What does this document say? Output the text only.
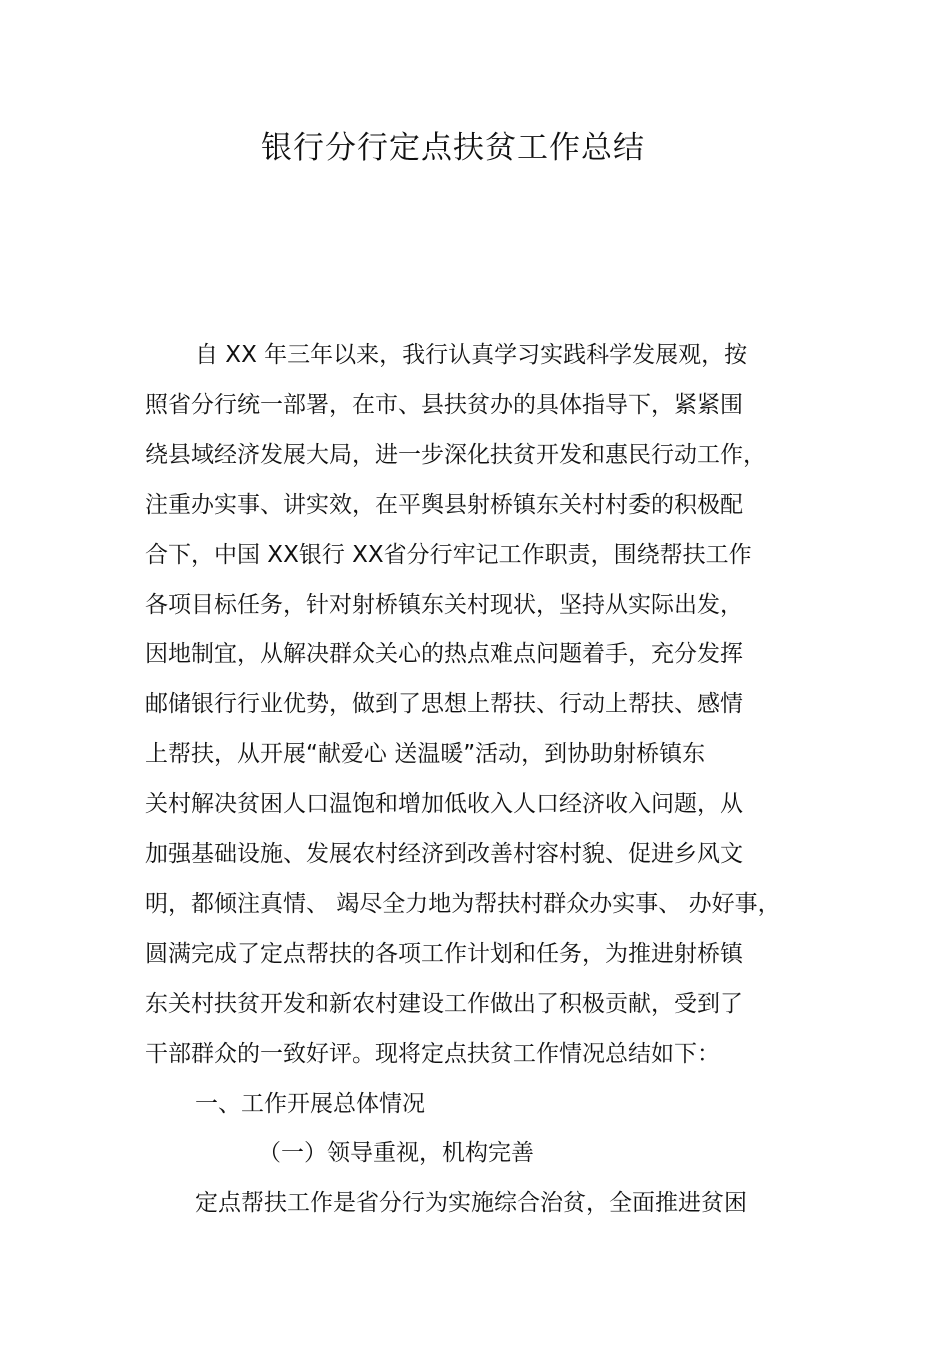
银行分行定点扶贫工作总结
自 XX 年三年以来，我行认真学习实践科学发展观，按
照省分行统一部署，在市、县扶贫办的具体指导下，紧紧围
绕县域经济发展大局，进一步深化扶贫开发和惠民行动工作，
注重办实事、讲实效，在平舆县射桥镇东关村村委的积极配
合下，中国 XX银行 XX省分行牢记工作职责，围绕帮扶工作
各项目标任务，针对射桥镇东关村现状，坚持从实际出发，
因地制宜，从解决群众关心的热点难点问题着手，充分发挥
邮储银行行业优势，做到了思想上帮扶、行动上帮扶、感情
上帮扶，从开展“献爱心 送温暖”活动，到协助射桥镇东
关村解决贫困人口温饱和增加低收入人口经济收入问题，从
加强基础设施、发展农村经济到改善村容村貌、促进乡风文
明，都倾注真情、 竭尽全力地为帮扶村群众办实事、 办好事，
圆满完成了定点帮扶的各项工作计划和任务，为推进射桥镇
东关村扶贫开发和新农村建设工作做出了积极贡献，受到了
干部群众的一致好评。现将定点扶贫工作情况总结如下：
一、工作开展总体情况
（一）领导重视，机构完善
定点帮扶工作是省分行为实施综合治贫，全面推进贫困
